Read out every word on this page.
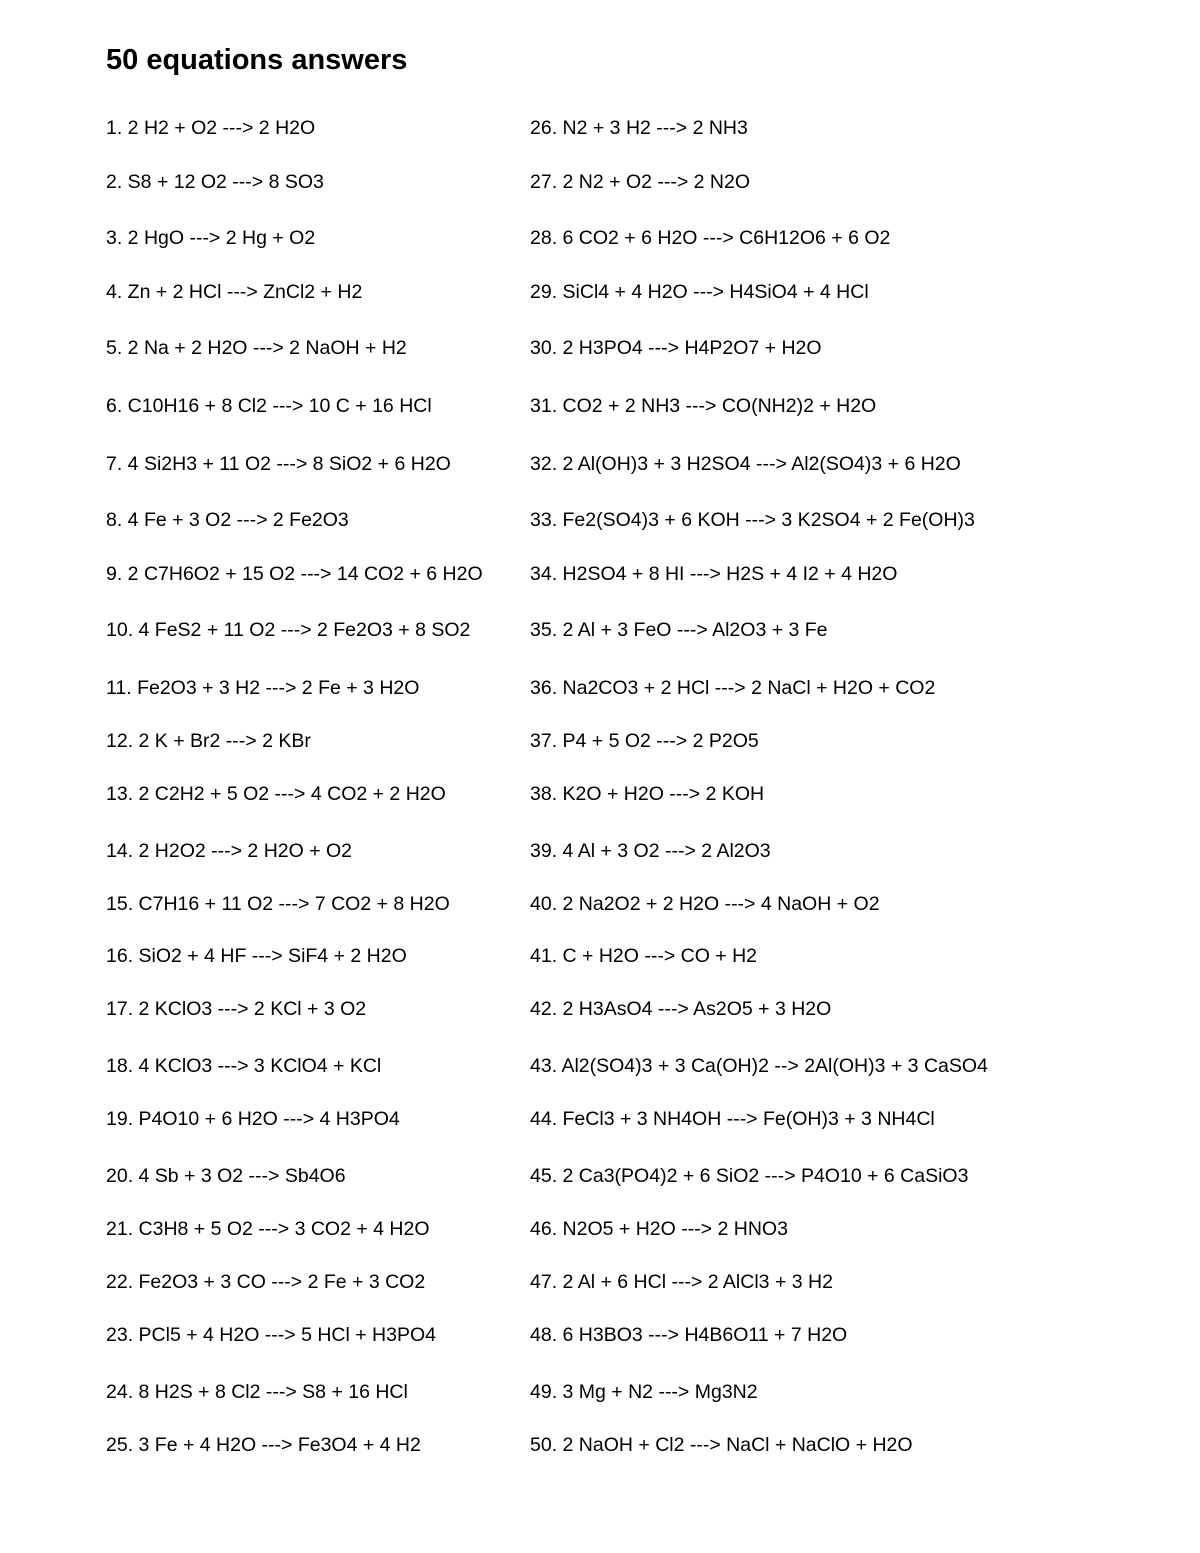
50 equations answers
1. 2 H2 + O2 ---> 2 H2O
2. S8 + 12 O2 ---> 8 SO3
3. 2 HgO ---> 2 Hg + O2
4. Zn + 2 HCl ---> ZnCl2 + H2
5. 2 Na + 2 H2O ---> 2 NaOH + H2
6. C10H16 + 8 Cl2 ---> 10 C + 16 HCl
7. 4 Si2H3 + 11 O2 ---> 8 SiO2 + 6 H2O
8. 4 Fe + 3 O2 ---> 2 Fe2O3
9. 2 C7H6O2 + 15 O2 ---> 14 CO2 + 6 H2O
10. 4 FeS2 + 11 O2 ---> 2 Fe2O3 + 8 SO2
11. Fe2O3 + 3 H2 ---> 2 Fe + 3 H2O
12. 2 K + Br2 ---> 2 KBr
13. 2 C2H2 + 5 O2 ---> 4 CO2 + 2 H2O
14. 2 H2O2 ---> 2 H2O + O2
15. C7H16 + 11 O2 ---> 7 CO2 + 8 H2O
16. SiO2 + 4 HF ---> SiF4 + 2 H2O
17. 2 KClO3 ---> 2 KCl + 3 O2
18. 4 KClO3 ---> 3 KClO4 + KCl
19. P4O10 + 6 H2O ---> 4 H3PO4
20. 4 Sb + 3 O2 ---> Sb4O6
21. C3H8 + 5 O2 ---> 3 CO2 + 4 H2O
22. Fe2O3 + 3 CO ---> 2 Fe + 3 CO2
23. PCl5 + 4 H2O ---> 5 HCl + H3PO4
24. 8 H2S + 8 Cl2 ---> S8 + 16 HCl
25. 3 Fe + 4 H2O ---> Fe3O4 + 4 H2
26. N2 + 3 H2 ---> 2 NH3
27. 2 N2 + O2 ---> 2 N2O
28. 6 CO2 + 6 H2O ---> C6H12O6 + 6 O2
29. SiCl4 + 4 H2O ---> H4SiO4 + 4 HCl
30. 2 H3PO4 ---> H4P2O7 + H2O
31. CO2 + 2 NH3 ---> CO(NH2)2 + H2O
32. 2 Al(OH)3 + 3 H2SO4 ---> Al2(SO4)3 + 6 H2O
33. Fe2(SO4)3 + 6 KOH ---> 3 K2SO4 + 2 Fe(OH)3
34. H2SO4 + 8 HI ---> H2S + 4 I2 + 4 H2O
35. 2 Al + 3 FeO ---> Al2O3 + 3 Fe
36. Na2CO3 + 2 HCl ---> 2 NaCl + H2O + CO2
37. P4 + 5 O2 ---> 2 P2O5
38. K2O + H2O ---> 2 KOH
39. 4 Al + 3 O2 ---> 2 Al2O3
40. 2 Na2O2 + 2 H2O ---> 4 NaOH + O2
41. C + H2O ---> CO + H2
42. 2 H3AsO4 ---> As2O5 + 3 H2O
43. Al2(SO4)3 + 3 Ca(OH)2 --> 2Al(OH)3 + 3 CaSO4
44. FeCl3 + 3 NH4OH ---> Fe(OH)3 + 3 NH4Cl
45. 2 Ca3(PO4)2 + 6 SiO2 ---> P4O10 + 6 CaSiO3
46. N2O5 + H2O ---> 2 HNO3
47. 2 Al + 6 HCl ---> 2 AlCl3 + 3 H2
48. 6 H3BO3 ---> H4B6O11 + 7 H2O
49. 3 Mg + N2 ---> Mg3N2
50. 2 NaOH + Cl2 ---> NaCl + NaClO + H2O
